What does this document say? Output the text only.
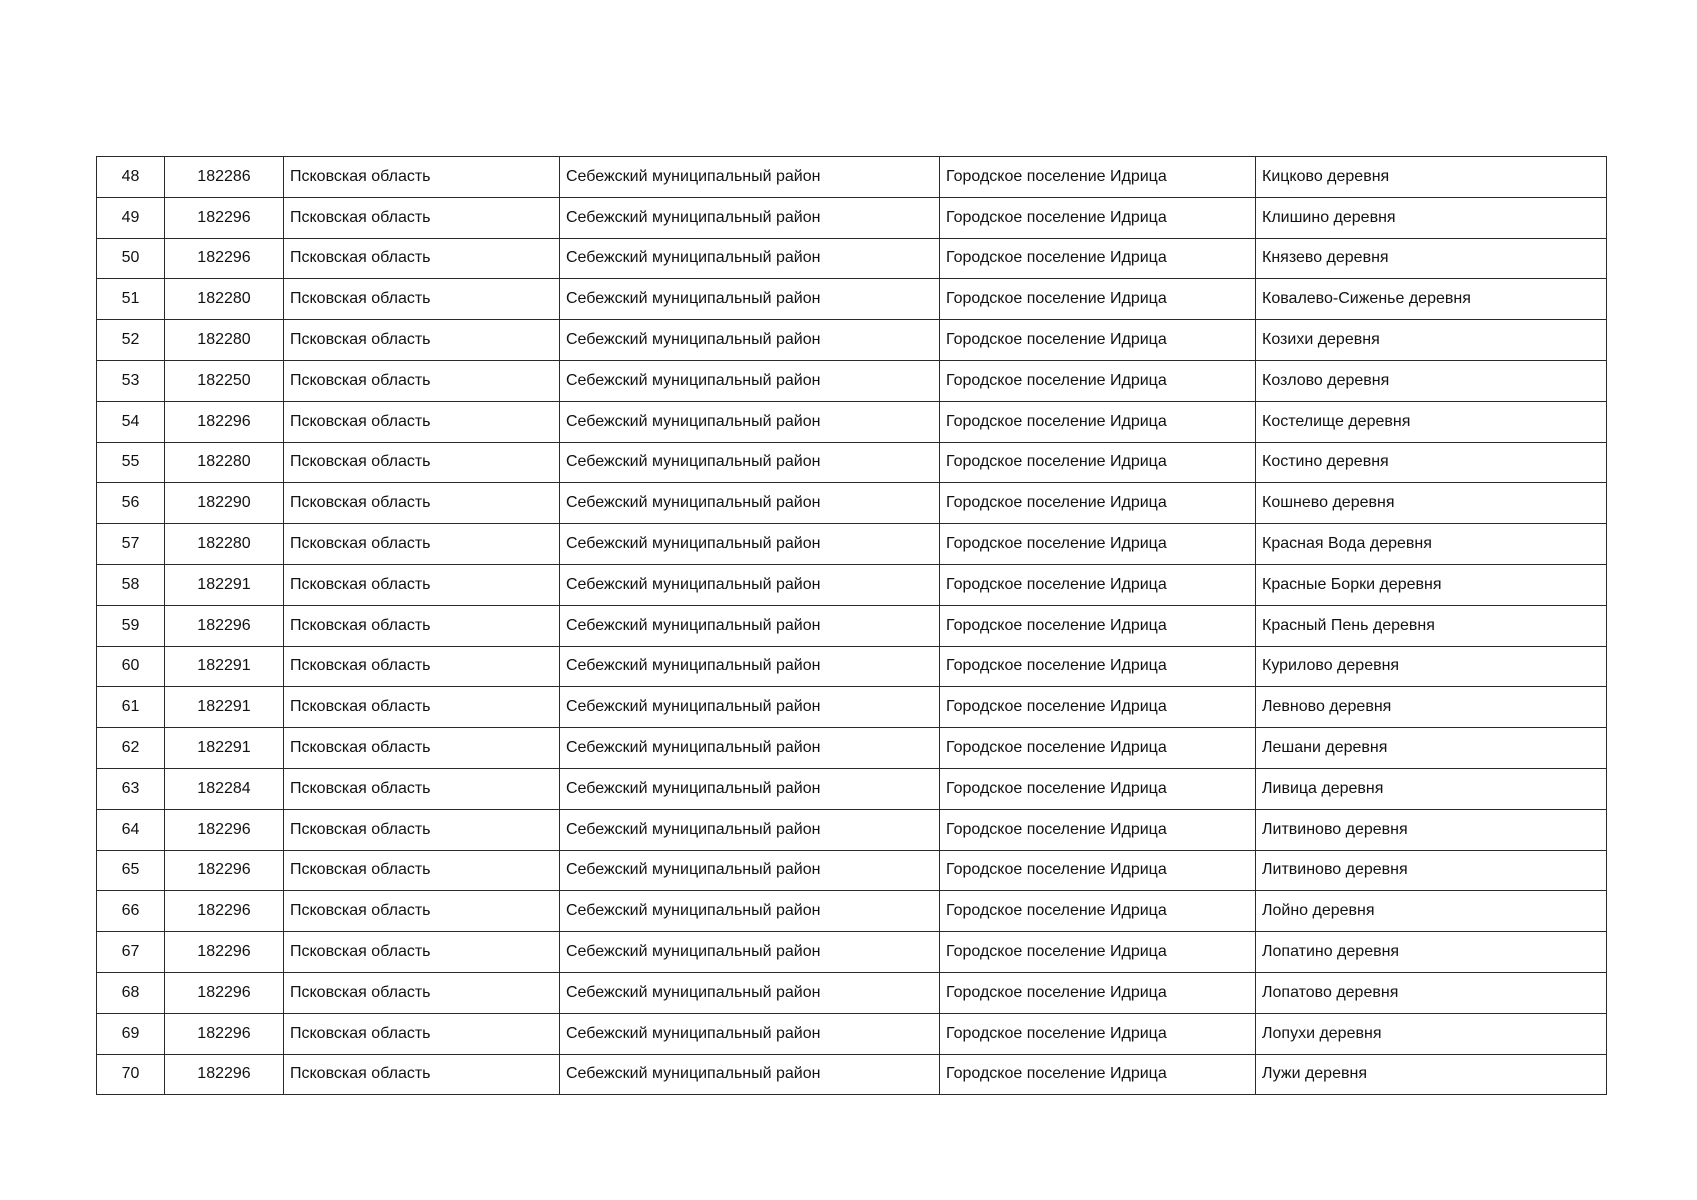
48	182286	Псковская область	Себежский муниципальный район	Городское поселение Идрица	Кицково деревня
49	182296	Псковская область	Себежский муниципальный район	Городское поселение Идрица	Клишино деревня
50	182296	Псковская область	Себежский муниципальный район	Городское поселение Идрица	Князево деревня
51	182280	Псковская область	Себежский муниципальный район	Городское поселение Идрица	Ковалево-Сиженье деревня
52	182280	Псковская область	Себежский муниципальный район	Городское поселение Идрица	Козихи деревня
53	182250	Псковская область	Себежский муниципальный район	Городское поселение Идрица	Козлово деревня
54	182296	Псковская область	Себежский муниципальный район	Городское поселение Идрица	Костелище деревня
55	182280	Псковская область	Себежский муниципальный район	Городское поселение Идрица	Костино деревня
56	182290	Псковская область	Себежский муниципальный район	Городское поселение Идрица	Кошнево деревня
57	182280	Псковская область	Себежский муниципальный район	Городское поселение Идрица	Красная Вода деревня
58	182291	Псковская область	Себежский муниципальный район	Городское поселение Идрица	Красные Борки деревня
59	182296	Псковская область	Себежский муниципальный район	Городское поселение Идрица	Красный Пень деревня
60	182291	Псковская область	Себежский муниципальный район	Городское поселение Идрица	Курилово деревня
61	182291	Псковская область	Себежский муниципальный район	Городское поселение Идрица	Левново деревня
62	182291	Псковская область	Себежский муниципальный район	Городское поселение Идрица	Лешани деревня
63	182284	Псковская область	Себежский муниципальный район	Городское поселение Идрица	Ливица деревня
64	182296	Псковская область	Себежский муниципальный район	Городское поселение Идрица	Литвиново деревня
65	182296	Псковская область	Себежский муниципальный район	Городское поселение Идрица	Литвиново деревня
66	182296	Псковская область	Себежский муниципальный район	Городское поселение Идрица	Лойно деревня
67	182296	Псковская область	Себежский муниципальный район	Городское поселение Идрица	Лопатино деревня
68	182296	Псковская область	Себежский муниципальный район	Городское поселение Идрица	Лопатово деревня
69	182296	Псковская область	Себежский муниципальный район	Городское поселение Идрица	Лопухи деревня
70	182296	Псковская область	Себежский муниципальный район	Городское поселение Идрица	Лужи деревня
